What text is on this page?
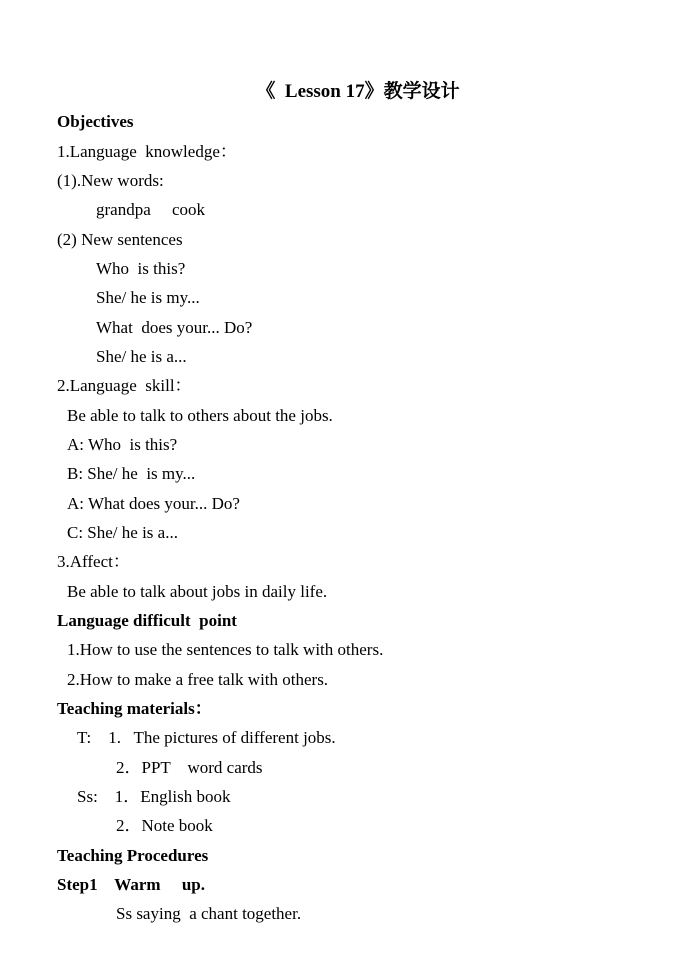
《  Lesson 17》教学设计
Objectives
1.Language  knowledge：
(1).New words:
grandpa     cook
(2) New sentences
Who  is this?
She/ he is my...
What  does your... Do?
She/ he is a...
2.Language  skill：
Be able to talk to others about the jobs.
A: Who  is this?
B: She/ he  is my...
A: What does your... Do?
C: She/ he is a...
3.Affect：
Be able to talk about jobs in daily life.
Language difficult  point
1.How to use the sentences to talk with others.
2.How to make a free talk with others.
Teaching materials：
T:    1.   The pictures of different jobs.
2．PPT    word cards
Ss:    1．English book
2．Note book
Teaching Procedures
Step1    Warm     up.
Ss saying  a chant together.
